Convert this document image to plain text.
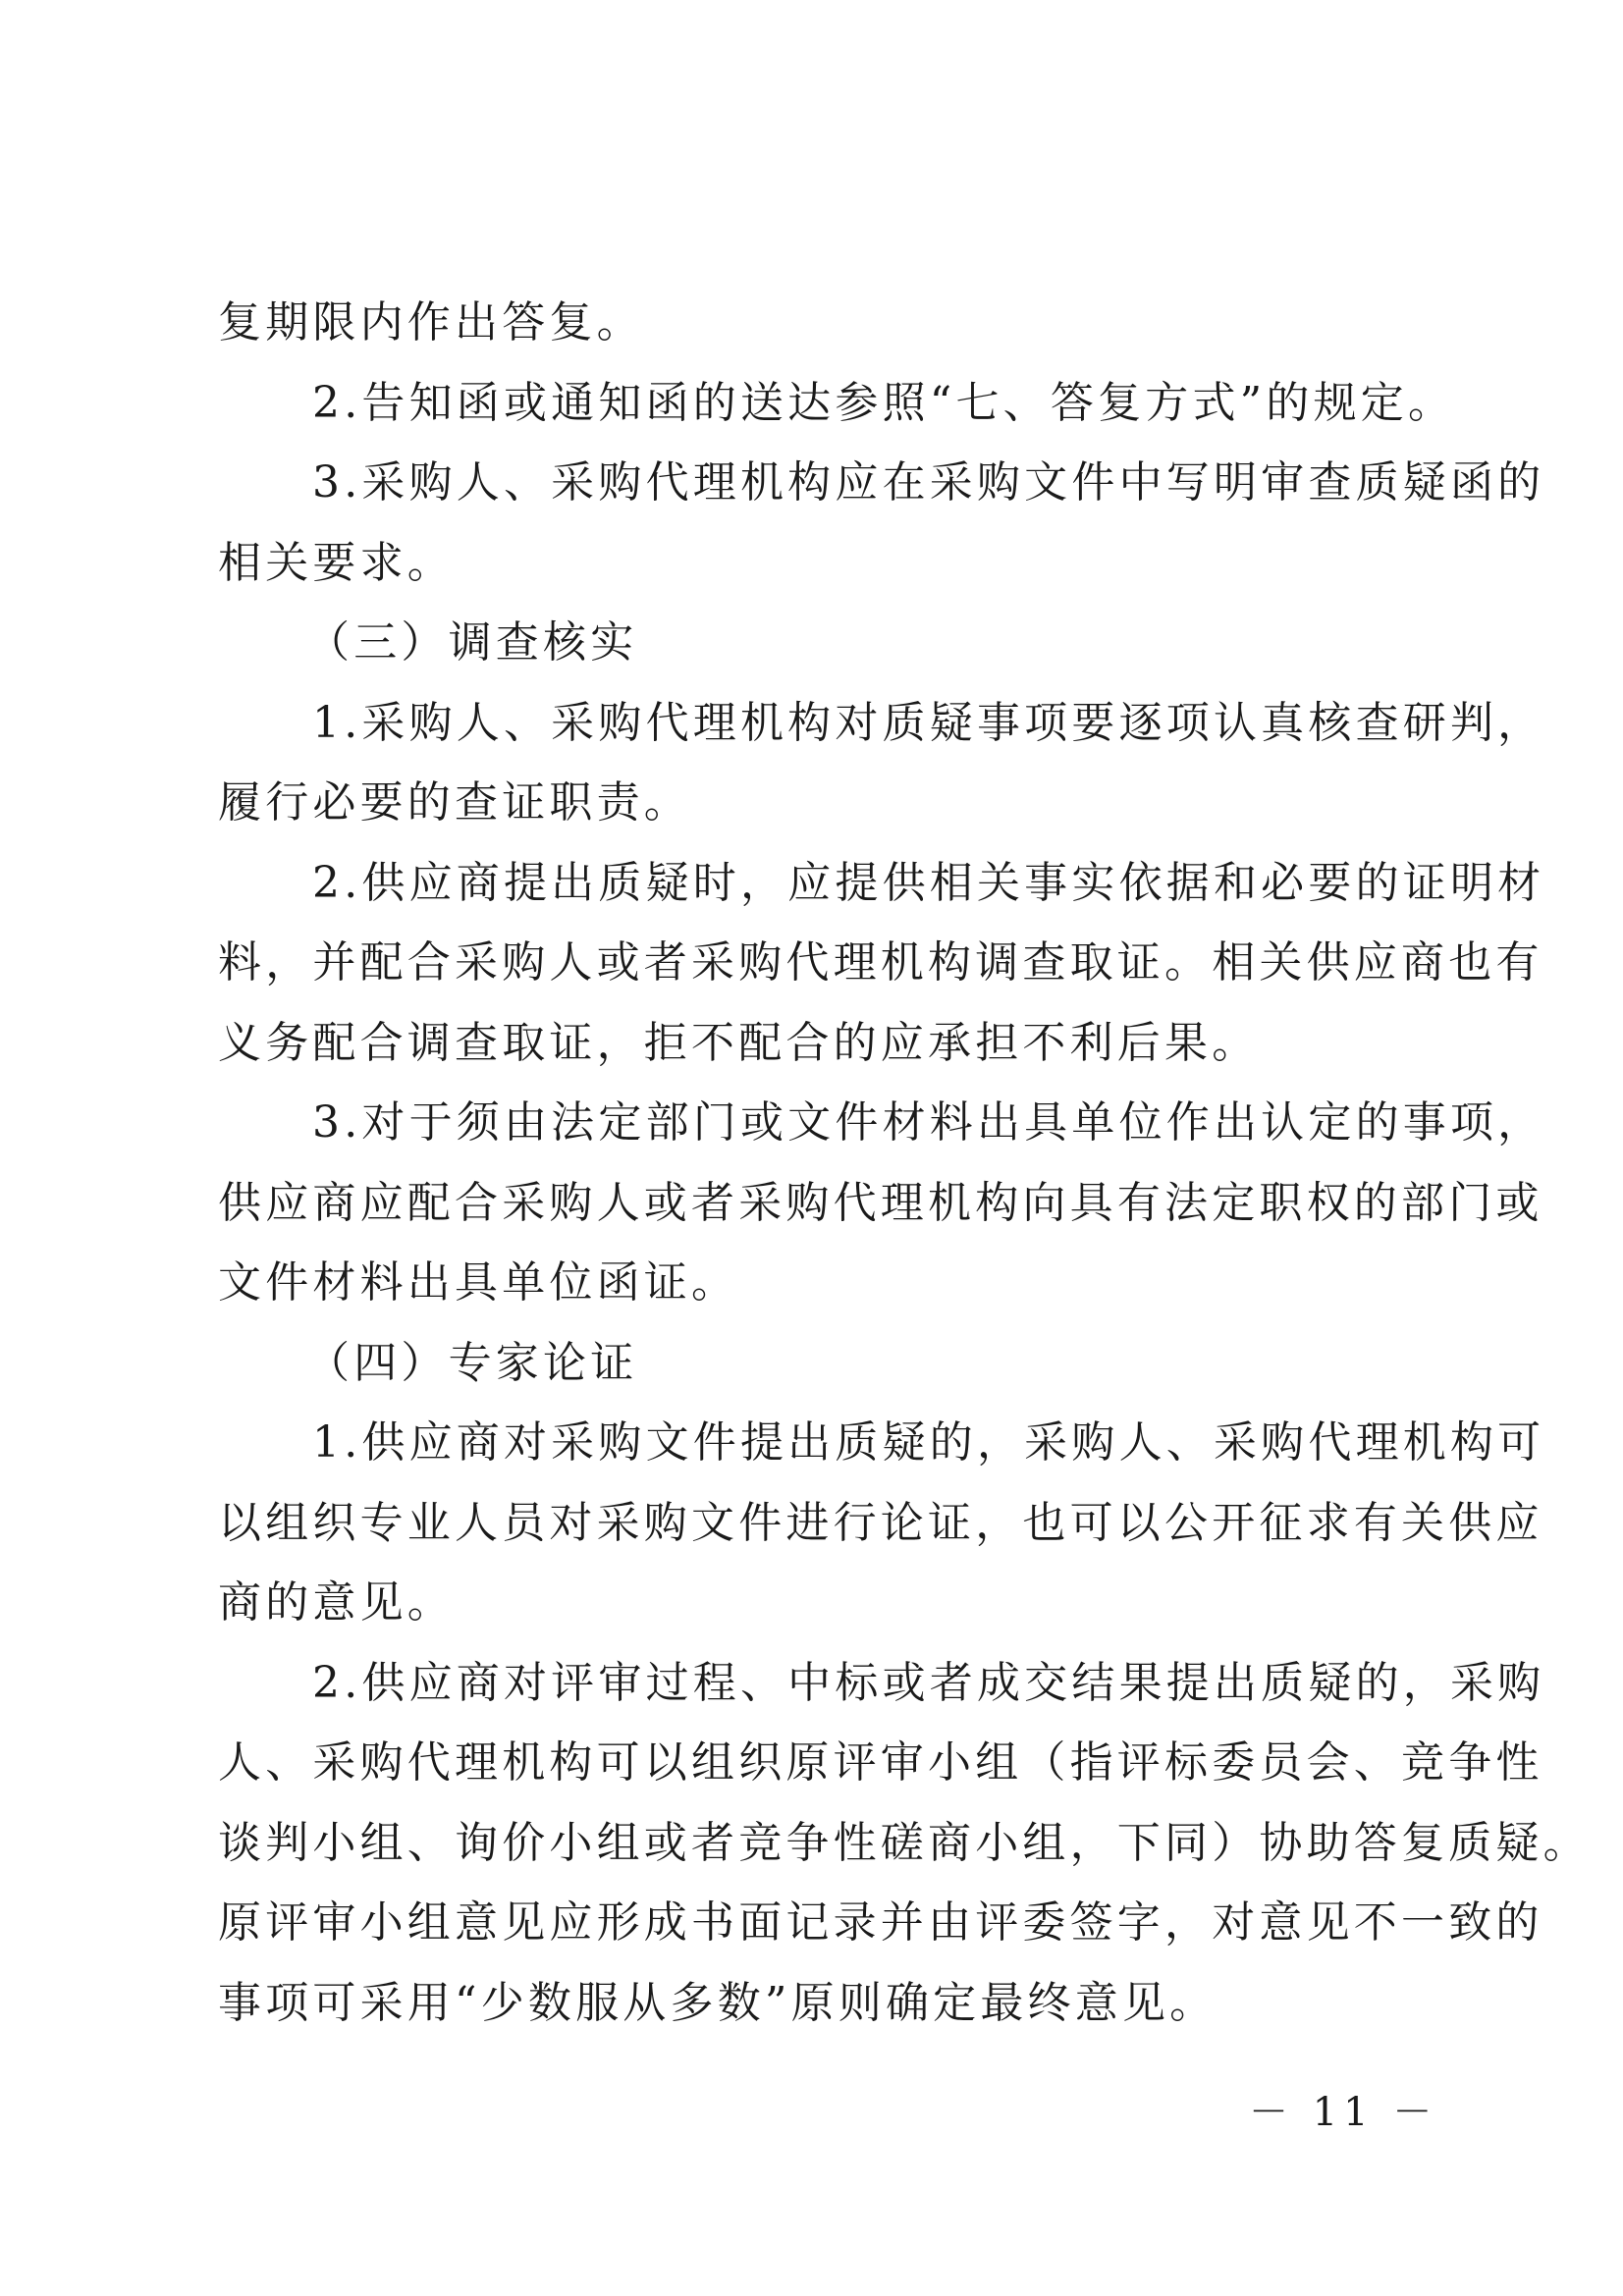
复期限内作出答复。
2.告知函或通知函的送达参照“七、答复方式”的规定。
3.采购人、采购代理机构应在采购文件中写明审查质疑函的
相关要求。
（三）调查核实
1.采购人、采购代理机构对质疑事项要逐项认真核查研判，
履行必要的查证职责。
2.供应商提出质疑时，应提供相关事实依据和必要的证明材
料，并配合采购人或者采购代理机构调查取证。相关供应商也有
义务配合调查取证，拒不配合的应承担不利后果。
3.对于须由法定部门或文件材料出具单位作出认定的事项，
供应商应配合采购人或者采购代理机构向具有法定职权的部门或
文件材料出具单位函证。
（四）专家论证
1.供应商对采购文件提出质疑的，采购人、采购代理机构可
以组织专业人员对采购文件进行论证，也可以公开征求有关供应
商的意见。
2.供应商对评审过程、中标或者成交结果提出质疑的，采购
人、采购代理机构可以组织原评审小组（指评标委员会、竞争性
谈判小组、询价小组或者竞争性磋商小组，下同）协助答复质疑。
原评审小组意见应形成书面记录并由评委签字，对意见不一致的
事项可采用“少数服从多数”原则确定最终意见。
－ 11 －
